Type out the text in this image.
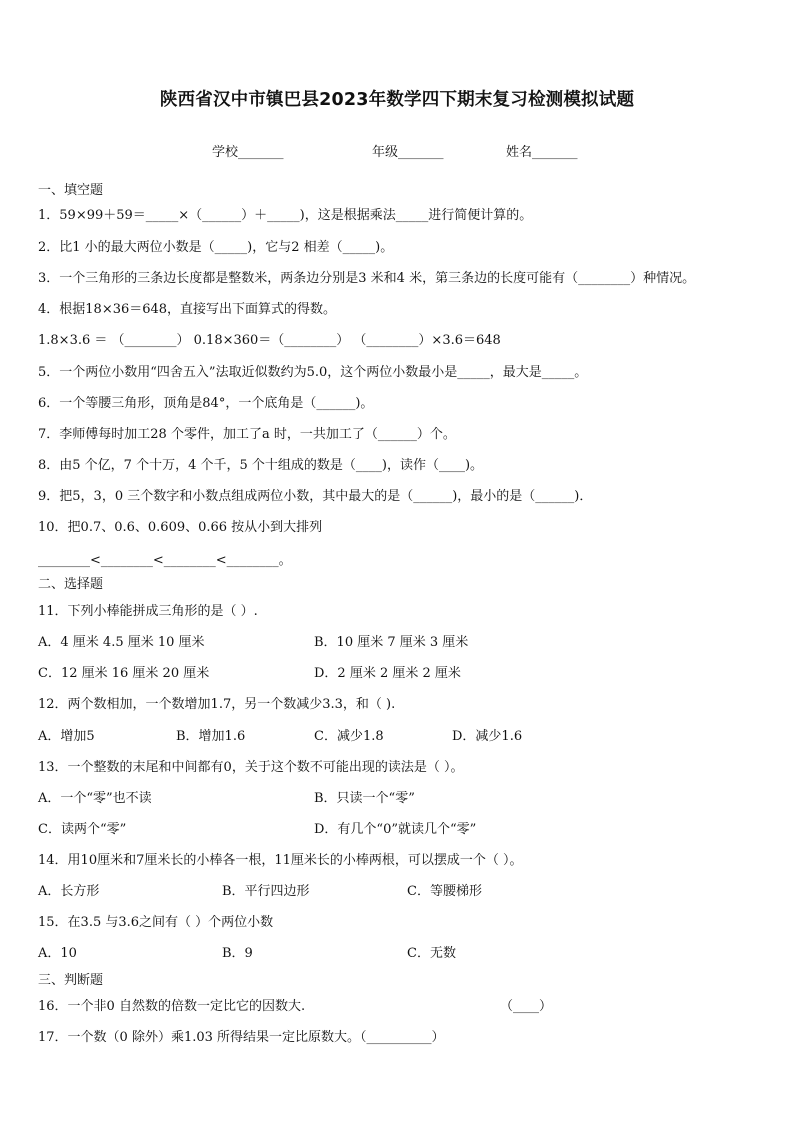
陕西省汉中市镇巴县2023年数学四下期末复习检测模拟试题
学校_______	年级_______	姓名_______
一、填空题
1．59×99＋59＝_____×（______）＋_____)，这是根据乘法_____进行简便计算的。
2．比1 小的最大两位小数是（_____)，它与2 相差（_____)。
3．一个三角形的三条边长度都是整数米，两条边分别是3 米和4 米，第三条边的长度可能有（________）种情况。
4．根据18×36＝648，直接写出下面算式的得数。
1.8×3.6 ＝ （________） 0.18×360＝（________） （________）×3.6＝648
5．一个两位小数用“四舍五入”法取近似数约为5.0，这个两位小数最小是_____，最大是_____。
6．一个等腰三角形，顶角是84°，一个底角是（______)。
7．李师傅每时加工28 个零件，加工了a 时，一共加工了（______）个。
8．由5 个亿，7 个十万，4 个千，5 个十组成的数是（____)，读作（____)。
9．把5，3，0 三个数字和小数点组成两位小数，其中最大的是（______)，最小的是（______)．
10．把0.7、0.6、0.609、0.66 按从小到大排列
________<________<________<________。
二、选择题
11．下列小棒能拼成三角形的是（ ）.
A．4 厘米 4.5 厘米 10 厘米	B．10 厘米 7 厘米 3 厘米
C．12 厘米 16 厘米 20 厘米	D．2 厘米 2 厘米 2 厘米
12．两个数相加，一个数增加1.7，另一个数减少3.3，和（ ).
A．增加5	B．增加1.6	C．减少1.8	D．减少1.6
13．一个整数的末尾和中间都有0，关于这个数不可能出现的读法是（ ）。
A．一个“零”也不读	B．只读一个“零”
C．读两个“零”	D．有几个“0”就读几个“零”
14．用10厘米和7厘米长的小棒各一根，11厘米长的小棒两根，可以摆成一个（ ）。
A．长方形	B．平行四边形	C．等腰梯形
15．在3.5 与3.6之间有（ ）个两位小数
A．10	B．9	C．无数
三、判断题
16．一个非0 自然数的倍数一定比它的因数大.	（____）
17．一个数（0 除外）乘1.03 所得结果一定比原数大。（__________）
